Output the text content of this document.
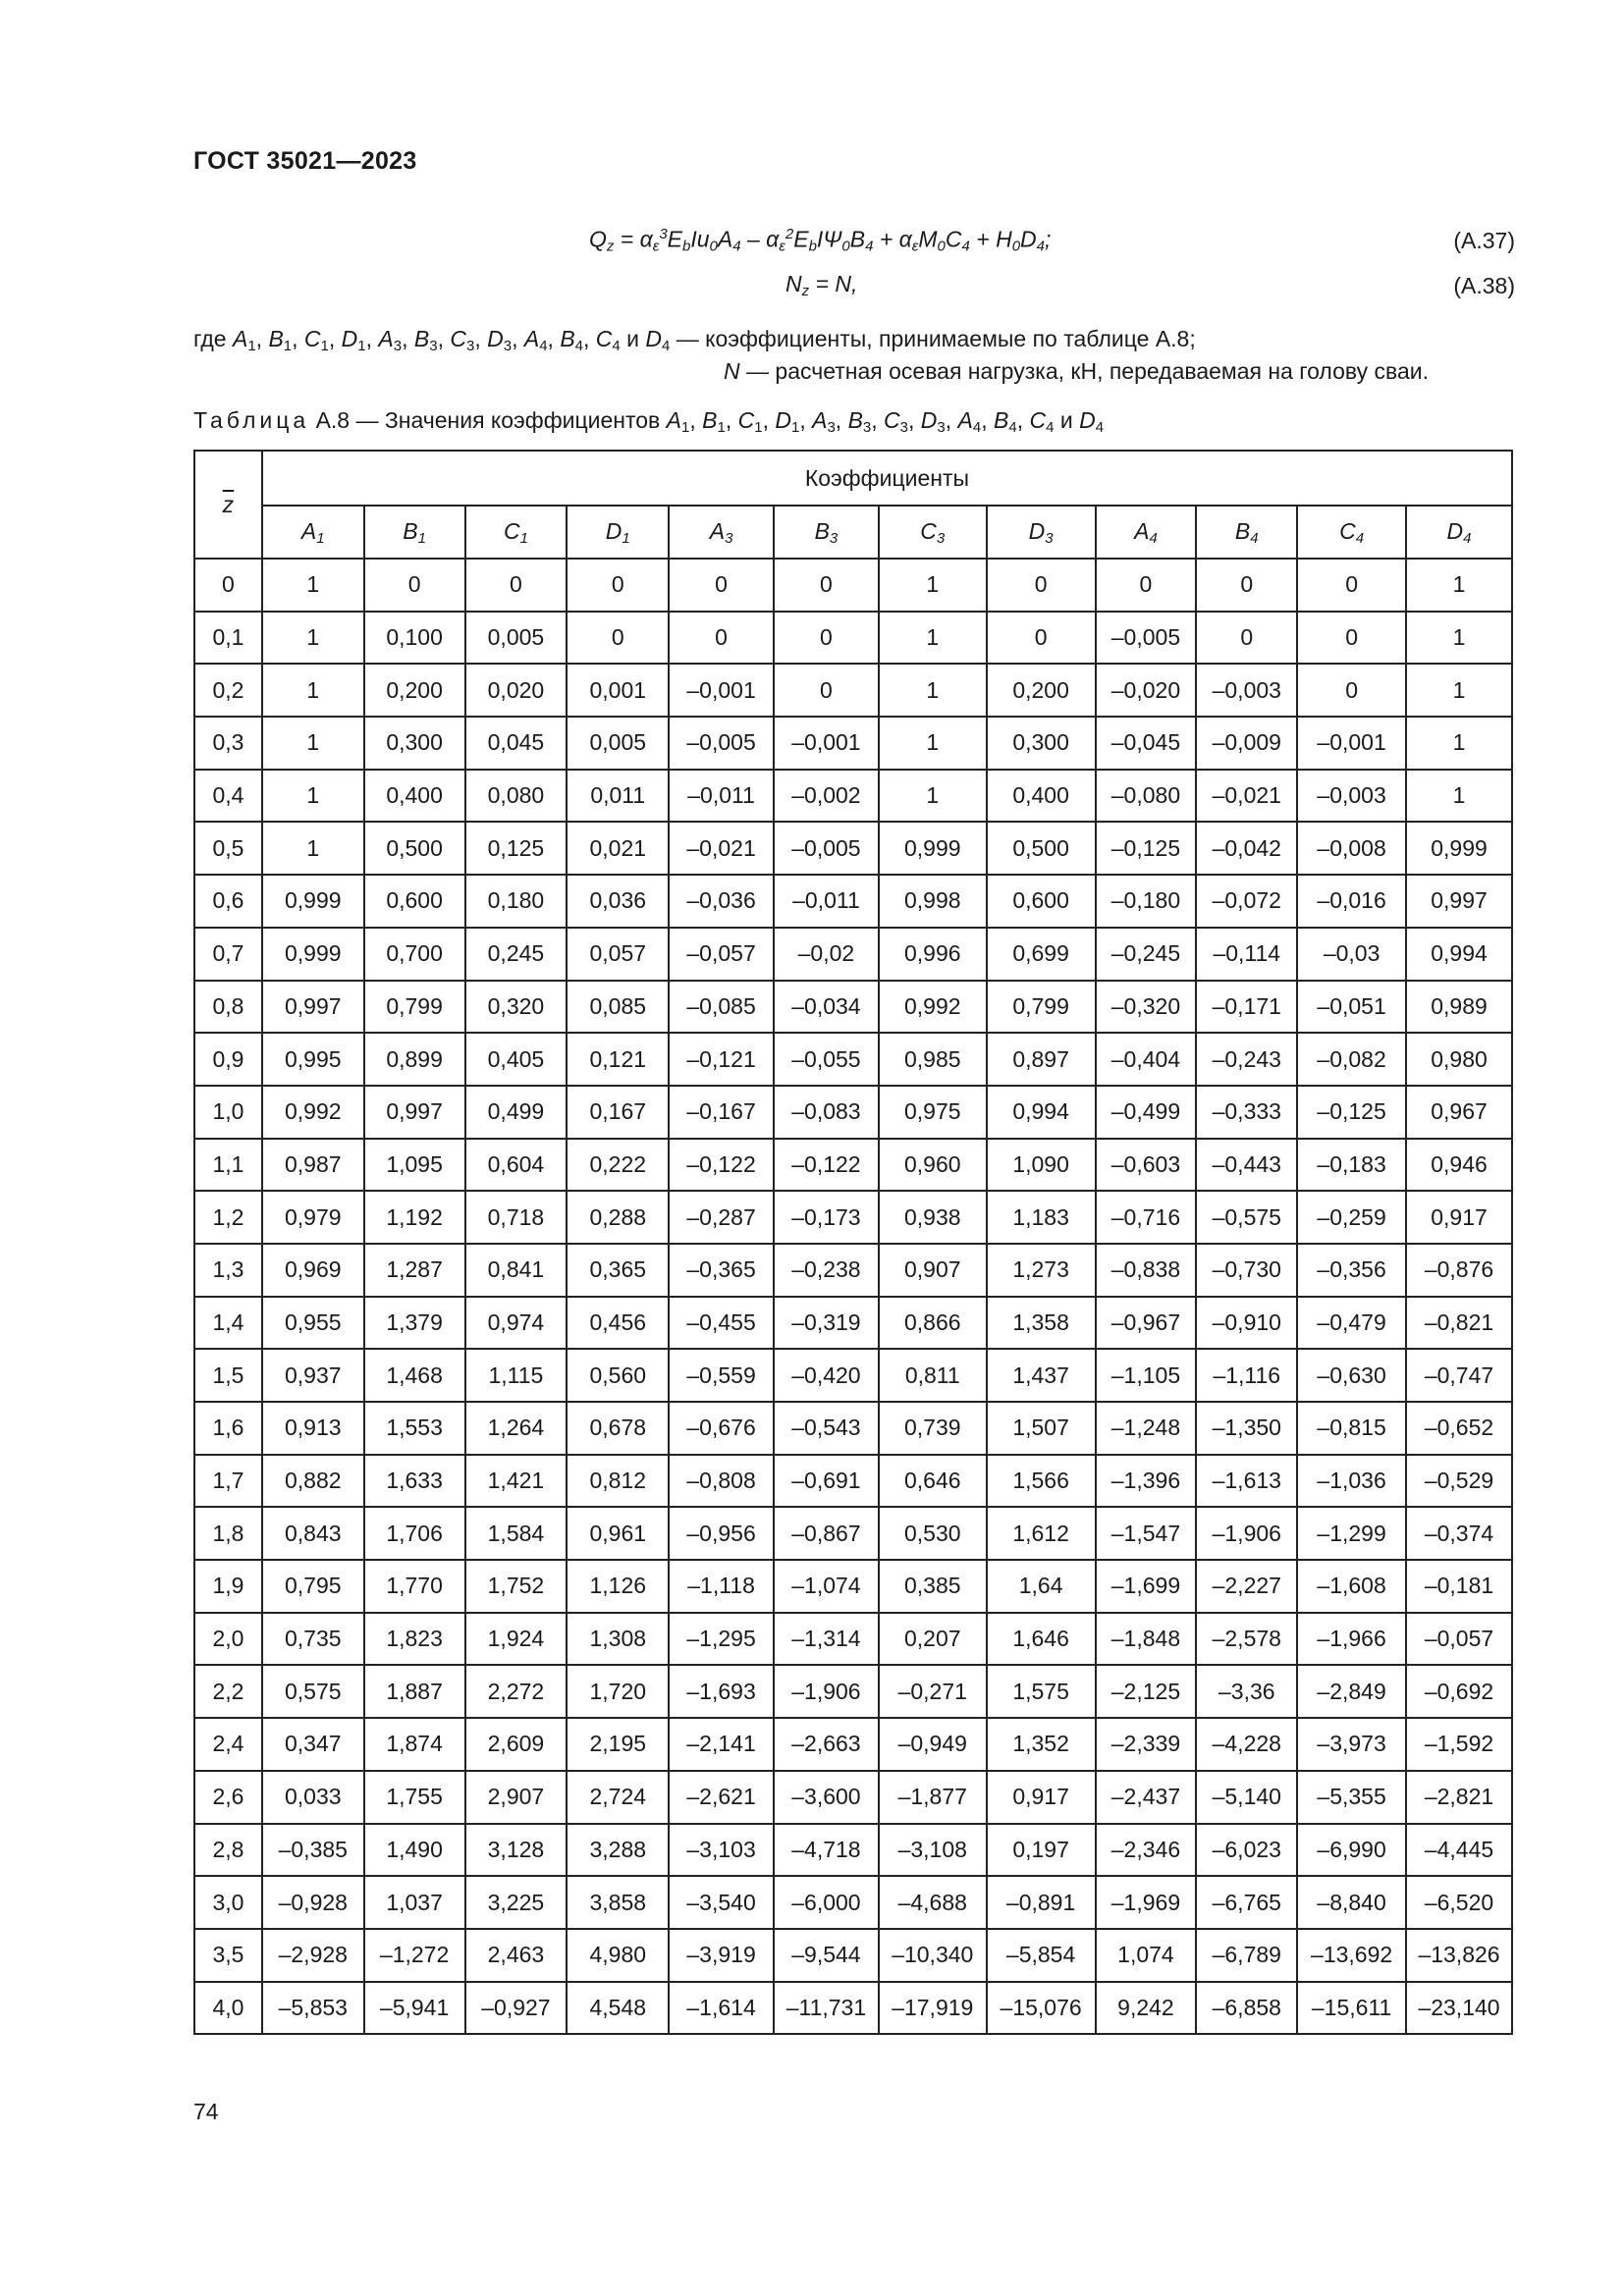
ГОСТ 35021—2023
$Q_z = \alpha_\varepsilon^3E_bIu_0A_4 - \alpha_\varepsilon^2E_bI\Psi_0B_4 + \alpha_\varepsilon M_0C_4 + H_0D_4$;	(А.37)
$N_z = N$,	(А.38)
где $A_1$, $B_1$, $C_1$, $D_1$, $A_3$, $B_3$, $C_3$, $D_3$, $A_4$, $B_4$, $C_4$ и $D_4$ — коэффициенты, принимаемые по таблице А.8;
N — расчетная осевая нагрузка, кН, передаваемая на голову сваи.
Таблица А.8 — Значения коэффициентов $A_1$, $B_1$, $C_1$, $D_1$, $A_3$, $B_3$, $C_3$, $D_3$, $A_4$, $B_4$, $C_4$ и $D_4$
$\overline{z}$	Коэффициенты											
	$A_1$	$B_1$	$C_1$	$D_1$	$A_3$	$B_3$	$C_3$	$D_3$	$A_4$	$B_4$	$C_4$	$D_4$
0	1	0	0	0	0	0	1	0	0	0	0	1
0,1	1	0,100	0,005	0	0	0	1	0	–0,005	0	0	1
0,2	1	0,200	0,020	0,001	–0,001	0	1	0,200	–0,020	–0,003	0	1
0,3	1	0,300	0,045	0,005	–0,005	–0,001	1	0,300	–0,045	–0,009	–0,001	1
0,4	1	0,400	0,080	0,011	–0,011	–0,002	1	0,400	–0,080	–0,021	–0,003	1
0,5	1	0,500	0,125	0,021	–0,021	–0,005	0,999	0,500	–0,125	–0,042	–0,008	0,999
0,6	0,999	0,600	0,180	0,036	–0,036	–0,011	0,998	0,600	–0,180	–0,072	–0,016	0,997
0,7	0,999	0,700	0,245	0,057	–0,057	–0,02	0,996	0,699	–0,245	–0,114	–0,03	0,994
0,8	0,997	0,799	0,320	0,085	–0,085	–0,034	0,992	0,799	–0,320	–0,171	–0,051	0,989
0,9	0,995	0,899	0,405	0,121	–0,121	–0,055	0,985	0,897	–0,404	–0,243	–0,082	0,980
1,0	0,992	0,997	0,499	0,167	–0,167	–0,083	0,975	0,994	–0,499	–0,333	–0,125	0,967
1,1	0,987	1,095	0,604	0,222	–0,122	–0,122	0,960	1,090	–0,603	–0,443	–0,183	0,946
1,2	0,979	1,192	0,718	0,288	–0,287	–0,173	0,938	1,183	–0,716	–0,575	–0,259	0,917
1,3	0,969	1,287	0,841	0,365	–0,365	–0,238	0,907	1,273	–0,838	–0,730	–0,356	–0,876
1,4	0,955	1,379	0,974	0,456	–0,455	–0,319	0,866	1,358	–0,967	–0,910	–0,479	–0,821
1,5	0,937	1,468	1,115	0,560	–0,559	–0,420	0,811	1,437	–1,105	–1,116	–0,630	–0,747
1,6	0,913	1,553	1,264	0,678	–0,676	–0,543	0,739	1,507	–1,248	–1,350	–0,815	–0,652
1,7	0,882	1,633	1,421	0,812	–0,808	–0,691	0,646	1,566	–1,396	–1,613	–1,036	–0,529
1,8	0,843	1,706	1,584	0,961	–0,956	–0,867	0,530	1,612	–1,547	–1,906	–1,299	–0,374
1,9	0,795	1,770	1,752	1,126	–1,118	–1,074	0,385	1,64	–1,699	–2,227	–1,608	–0,181
2,0	0,735	1,823	1,924	1,308	–1,295	–1,314	0,207	1,646	–1,848	–2,578	–1,966	–0,057
2,2	0,575	1,887	2,272	1,720	–1,693	–1,906	–0,271	1,575	–2,125	–3,36	–2,849	–0,692
2,4	0,347	1,874	2,609	2,195	–2,141	–2,663	–0,949	1,352	–2,339	–4,228	–3,973	–1,592
2,6	0,033	1,755	2,907	2,724	–2,621	–3,600	–1,877	0,917	–2,437	–5,140	–5,355	–2,821
2,8	–0,385	1,490	3,128	3,288	–3,103	–4,718	–3,108	0,197	–2,346	–6,023	–6,990	–4,445
3,0	–0,928	1,037	3,225	3,858	–3,540	–6,000	–4,688	–0,891	–1,969	–6,765	–8,840	–6,520
3,5	–2,928	–1,272	2,463	4,980	–3,919	–9,544	–10,340	–5,854	1,074	–6,789	–13,692	–13,826
4,0	–5,853	–5,941	–0,927	4,548	–1,614	–11,731	–17,919	–15,076	9,242	–6,858	–15,611	–23,140
74
